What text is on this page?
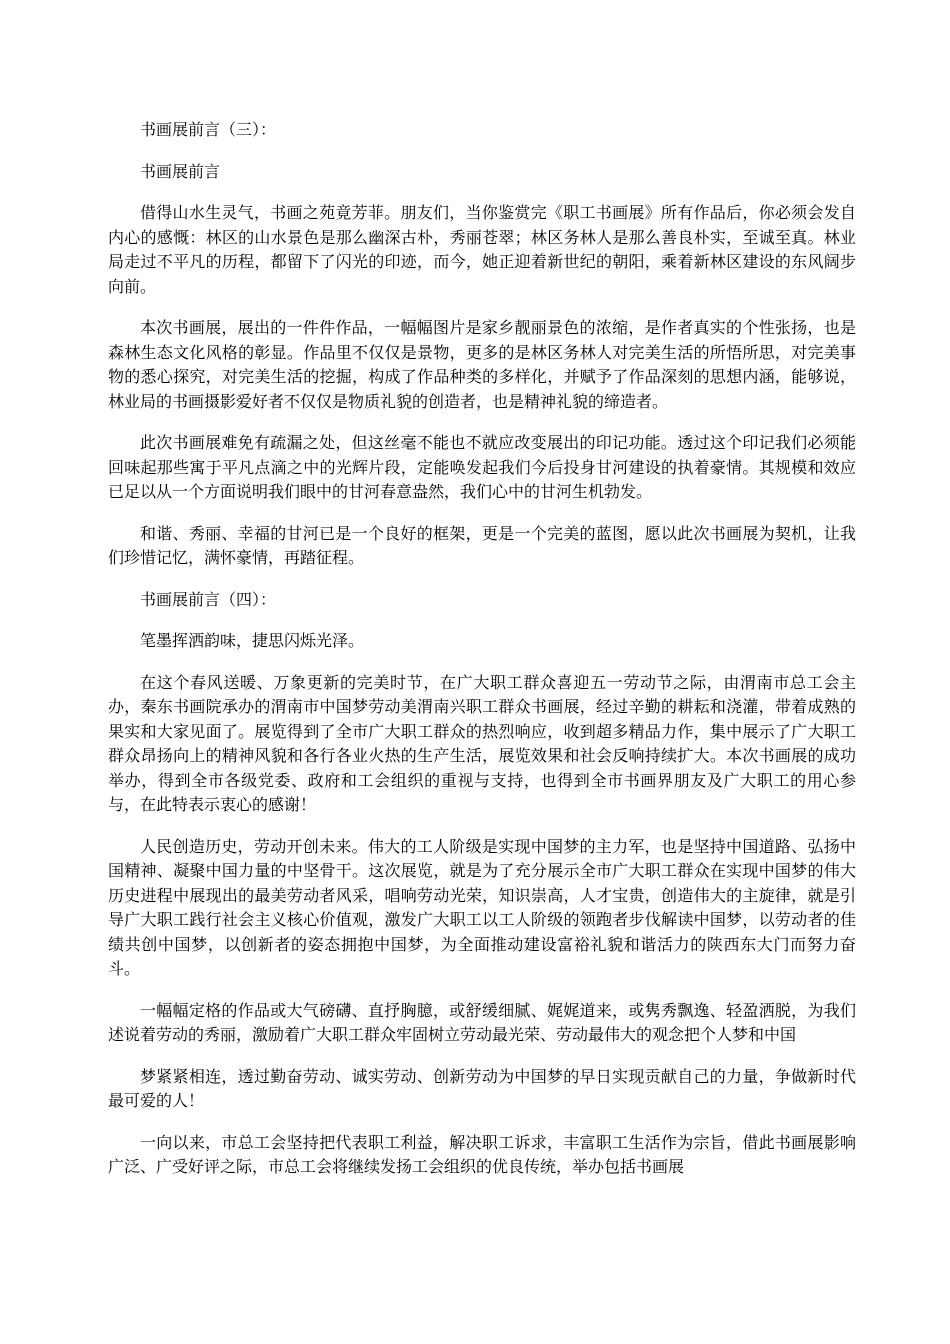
书画展前言（三）：

书画展前言

借得山水生灵气，书画之苑竟芳菲。朋友们，当你鉴赏完《职工书画展》所有作品后，你必须会发自内心的感慨：林区的山水景色是那么幽深古朴，秀丽苍翠；林区务林人是那么善良朴实，至诚至真。林业局走过不平凡的历程，都留下了闪光的印迹，而今，她正迎着新世纪的朝阳，乘着新林区建设的东风阔步向前。

本次书画展，展出的一件件作品，一幅幅图片是家乡靓丽景色的浓缩，是作者真实的个性张扬，也是森林生态文化风格的彰显。作品里不仅仅是景物，更多的是林区务林人对完美生活的所悟所思，对完美事物的悉心探究，对完美生活的挖掘，构成了作品种类的多样化，并赋予了作品深刻的思想内涵，能够说，林业局的书画摄影爱好者不仅仅是物质礼貌的创造者，也是精神礼貌的缔造者。

此次书画展难免有疏漏之处，但这丝毫不能也不就应改变展出的印记功能。透过这个印记我们必须能回味起那些寓于平凡点滴之中的光辉片段，定能唤发起我们今后投身甘河建设的执着豪情。其规模和效应已足以从一个方面说明我们眼中的甘河春意盎然，我们心中的甘河生机勃发。

和谐、秀丽、幸福的甘河已是一个良好的框架，更是一个完美的蓝图，愿以此次书画展为契机，让我们珍惜记忆，满怀豪情，再踏征程。

书画展前言（四）：

笔墨挥洒韵味，捷思闪烁光泽。

在这个春风送暖、万象更新的完美时节，在广大职工群众喜迎五一劳动节之际，由渭南市总工会主办，秦东书画院承办的渭南市中国梦劳动美渭南兴职工群众书画展，经过辛勤的耕耘和浇灌，带着成熟的果实和大家见面了。展览得到了全市广大职工群众的热烈响应，收到超多精品力作，集中展示了广大职工群众昂扬向上的精神风貌和各行各业火热的生产生活，展览效果和社会反响持续扩大。本次书画展的成功举办，得到全市各级党委、政府和工会组织的重视与支持，也得到全市书画界朋友及广大职工的用心参与，在此特表示衷心的感谢！

人民创造历史，劳动开创未来。伟大的工人阶级是实现中国梦的主力军，也是坚持中国道路、弘扬中国精神、凝聚中国力量的中坚骨干。这次展览，就是为了充分展示全市广大职工群众在实现中国梦的伟大历史进程中展现出的最美劳动者风采，唱响劳动光荣，知识崇高，人才宝贵，创造伟大的主旋律，就是引导广大职工践行社会主义核心价值观，激发广大职工以工人阶级的领跑者步伐解读中国梦，以劳动者的佳绩共创中国梦，以创新者的姿态拥抱中国梦，为全面推动建设富裕礼貌和谐活力的陕西东大门而努力奋斗。

一幅幅定格的作品或大气磅礴、直抒胸臆，或舒缓细腻、娓娓道来，或隽秀飘逸、轻盈洒脱，为我们述说着劳动的秀丽，激励着广大职工群众牢固树立劳动最光荣、劳动最伟大的观念把个人梦和中国

梦紧紧相连，透过勤奋劳动、诚实劳动、创新劳动为中国梦的早日实现贡献自己的力量，争做新时代最可爱的人！

一向以来，市总工会坚持把代表职工利益，解决职工诉求，丰富职工生活作为宗旨，借此书画展影响广泛、广受好评之际，市总工会将继续发扬工会组织的优良传统，举办包括书画展
